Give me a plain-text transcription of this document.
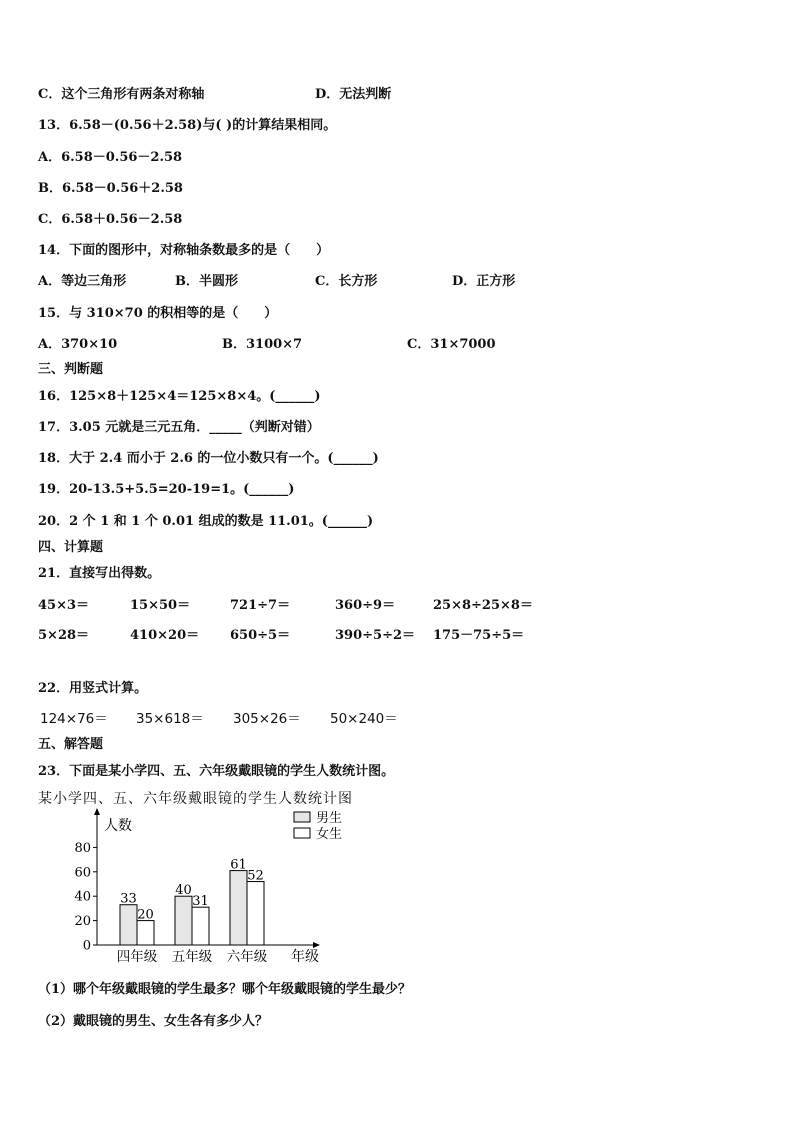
C．这个三角形有两条对称轴	D．无法判断
13．6.58－(0.56＋2.58)与( )的计算结果相同。
A．6.58－0.56－2.58
B．6.58－0.56＋2.58
C．6.58＋0.56－2.58
14．下面的图形中，对称轴条数最多的是（　　）
A．等边三角形	B．半圆形	C．长方形	D．正方形
15．与 310×70 的积相等的是（　　）
A．370×10	B．3100×7	C．31×7000
三、判断题
16．125×8＋125×4＝125×8×4。(______)
17．3.05 元就是三元五角．_____（判断对错）
18．大于 2.4 而小于 2.6 的一位小数只有一个。(______)
19．20-13.5+5.5=20-19=1。(______)
20．2 个 1 和 1 个 0.01 组成的数是 11.01。(______)
四、计算题
21．直接写出得数。
45×3＝	15×50＝	721÷7＝	360÷9＝	25×8÷25×8＝
5×28＝	410×20＝ 650÷5＝	390÷5÷2＝ 175－75÷5＝
22．用竖式计算。
124×76＝ 35×618＝ 305×26＝ 50×240＝
五、解答题
23．下面是某小学四、五、六年级戴眼镜的学生人数统计图。
某小学四、五、六年级戴眼镜的学生人数统计图
人数
年级
0
20
40
60
80
33
20
40
31
61
52
四年级 五年级 六年级
男生
女生
（1）哪个年级戴眼镜的学生最多？哪个年级戴眼镜的学生最少？
（2）戴眼镜的男生、女生各有多少人？
